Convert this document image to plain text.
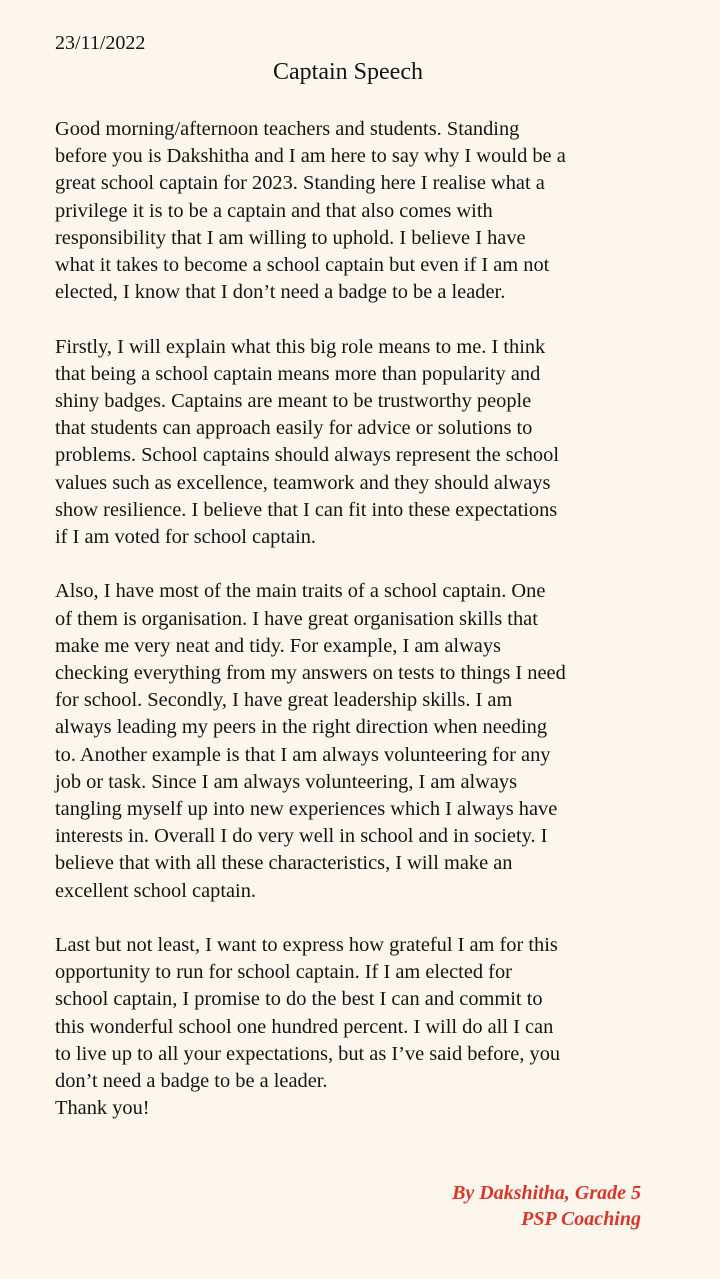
23/11/2022
Captain Speech

Good morning/afternoon teachers and students. Standing
before you is Dakshitha and I am here to say why I would be a
great school captain for 2023. Standing here I realise what a
privilege it is to be a captain and that also comes with
responsibility that I am willing to uphold. I believe I have
what it takes to become a school captain but even if I am not
elected, I know that I don’t need a badge to be a leader.

Firstly, I will explain what this big role means to me. I think
that being a school captain means more than popularity and
shiny badges. Captains are meant to be trustworthy people
that students can approach easily for advice or solutions to
problems. School captains should always represent the school
values such as excellence, teamwork and they should always
show resilience. I believe that I can fit into these expectations
if I am voted for school captain.

Also, I have most of the main traits of a school captain. One
of them is organisation. I have great organisation skills that
make me very neat and tidy. For example, I am always
checking everything from my answers on tests to things I need
for school. Secondly, I have great leadership skills. I am
always leading my peers in the right direction when needing
to. Another example is that I am always volunteering for any
job or task. Since I am always volunteering, I am always
tangling myself up into new experiences which I always have
interests in. Overall I do very well in school and in society. I
believe that with all these characteristics, I will make an
excellent school captain.

Last but not least, I want to express how grateful I am for this
opportunity to run for school captain. If I am elected for
school captain, I promise to do the best I can and commit to
this wonderful school one hundred percent. I will do all I can
to live up to all your expectations, but as I’ve said before, you
don’t need a badge to be a leader.
Thank you!

By Dakshitha, Grade 5
PSP Coaching
